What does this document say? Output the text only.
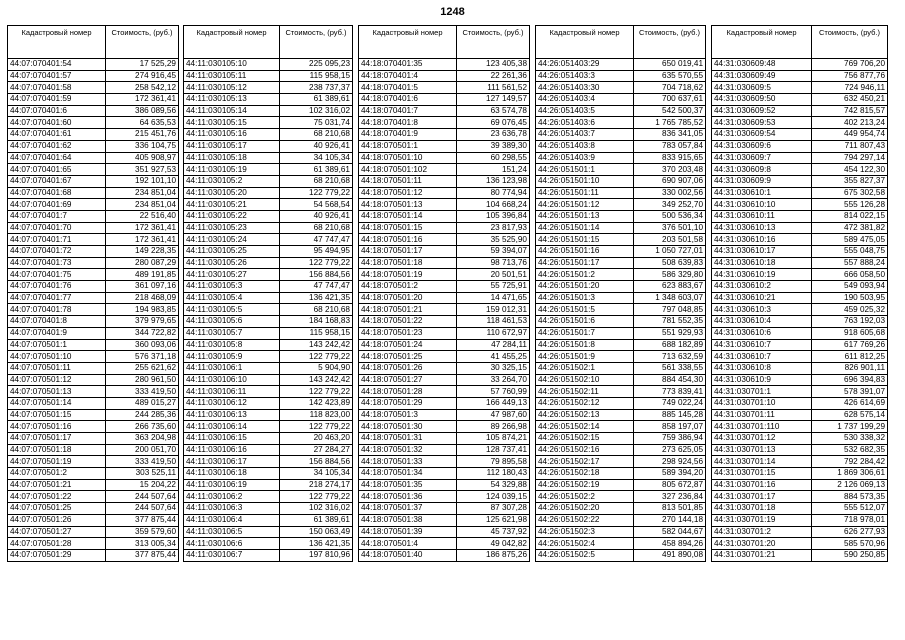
1248
Кадастровый номер	Стоимость, (руб.)
44:07:070401:54	17 525,29
44:07:070401:57	274 916,45
44:07:070401:58	258 542,12
44:07:070401:59	172 361,41
44:07:070401:6	386 089,56
44:07:070401:60	64 635,53
44:07:070401:61	215 451,76
44:07:070401:62	336 104,75
44:07:070401:64	405 908,97
44:07:070401:65	351 927,53
44:07:070401:67	192 101,10
44:07:070401:68	234 851,04
44:07:070401:69	234 851,04
44:07:070401:7	22 516,40
44:07:070401:70	172 361,41
44:07:070401:71	172 361,41
44:07:070401:72	149 228,35
44:07:070401:73	280 087,29
44:07:070401:75	489 191,85
44:07:070401:76	361 097,16
44:07:070401:77	218 468,09
44:07:070401:78	194 983,85
44:07:070401:8	379 979,65
44:07:070401:9	344 722,82
44:07:070501:1	360 093,06
44:07:070501:10	576 371,18
44:07:070501:11	255 621,62
44:07:070501:12	280 961,50
44:07:070501:13	333 419,50
44:07:070501:14	489 015,27
44:07:070501:15	244 285,36
44:07:070501:16	266 735,60
44:07:070501:17	363 204,98
44:07:070501:18	200 051,70
44:07:070501:19	333 419,50
44:07:070501:2	303 525,11
44:07:070501:21	15 204,22
44:07:070501:22	244 507,64
44:07:070501:25	244 507,64
44:07:070501:26	377 875,44
44:07:070501:27	359 579,60
44:07:070501:28	313 005,34
44:07:070501:29	377 875,44
Кадастровый номер	Стоимость, (руб.)
44:11:030105:10	225 095,23
44:11:030105:11	115 958,15
44:11:030105:12	238 737,37
44:11:030105:13	61 389,61
44:11:030105:14	102 316,02
44:11:030105:15	75 031,74
44:11:030105:16	68 210,68
44:11:030105:17	40 926,41
44:11:030105:18	34 105,34
44:11:030105:19	61 389,61
44:11:030105:2	68 210,68
44:11:030105:20	122 779,22
44:11:030105:21	54 568,54
44:11:030105:22	40 926,41
44:11:030105:23	68 210,68
44:11:030105:24	47 747,47
44:11:030105:25	95 494,95
44:11:030105:26	122 779,22
44:11:030105:27	156 884,56
44:11:030105:3	47 747,47
44:11:030105:4	136 421,35
44:11:030105:5	68 210,68
44:11:030105:6	184 168,83
44:11:030105:7	115 958,15
44:11:030105:8	143 242,42
44:11:030105:9	122 779,22
44:11:030106:1	5 904,90
44:11:030106:10	143 242,42
44:11:030106:11	122 779,22
44:11:030106:12	142 423,89
44:11:030106:13	118 823,00
44:11:030106:14	122 779,22
44:11:030106:15	20 463,20
44:11:030106:16	27 284,27
44:11:030106:17	156 884,56
44:11:030106:18	34 105,34
44:11:030106:19	218 274,17
44:11:030106:2	122 779,22
44:11:030106:3	102 316,02
44:11:030106:4	61 389,61
44:11:030106:5	150 063,49
44:11:030106:6	136 421,35
44:11:030106:7	197 810,96
Кадастровый номер	Стоимость, (руб.)
44:18:070401:35	123 405,38
44:18:070401:4	22 261,36
44:18:070401:5	111 561,52
44:18:070401:6	127 149,57
44:18:070401:7	63 574,78
44:18:070401:8	69 076,45
44:18:070401:9	23 636,78
44:18:070501:1	39 389,30
44:18:070501:10	60 298,55
44:18:070501:102	151,24
44:18:070501:11	136 123,98
44:18:070501:12	80 774,94
44:18:070501:13	104 668,24
44:18:070501:14	105 396,84
44:18:070501:15	23 817,93
44:18:070501:16	35 525,90
44:18:070501:17	59 394,07
44:18:070501:18	98 713,76
44:18:070501:19	20 501,51
44:18:070501:2	55 725,91
44:18:070501:20	14 471,65
44:18:070501:21	159 012,31
44:18:070501:22	118 461,53
44:18:070501:23	110 672,97
44:18:070501:24	47 284,11
44:18:070501:25	41 455,25
44:18:070501:26	30 325,15
44:18:070501:27	33 264,70
44:18:070501:28	57 760,99
44:18:070501:29	166 449,13
44:18:070501:3	47 987,60
44:18:070501:30	89 266,98
44:18:070501:31	105 874,21
44:18:070501:32	128 737,41
44:18:070501:33	79 895,58
44:18:070501:34	112 180,43
44:18:070501:35	54 329,88
44:18:070501:36	124 039,15
44:18:070501:37	87 307,28
44:18:070501:38	125 621,98
44:18:070501:39	45 737,92
44:18:070501:4	49 042,82
44:18:070501:40	186 875,26
Кадастровый номер	Стоимость, (руб.)
44:26:051403:29	650 019,41
44:26:051403:3	635 570,55
44:26:051403:30	704 718,62
44:26:051403:4	700 637,61
44:26:051403:5	542 500,37
44:26:051403:6	1 765 785,52
44:26:051403:7	836 341,05
44:26:051403:8	783 057,84
44:26:051403:9	833 915,65
44:26:051501:1	370 203,48
44:26:051501:10	690 907,06
44:26:051501:11	330 002,56
44:26:051501:12	349 252,70
44:26:051501:13	500 536,34
44:26:051501:14	376 501,10
44:26:051501:15	203 501,58
44:26:051501:16	1 050 727,01
44:26:051501:17	508 639,83
44:26:051501:2	586 329,80
44:26:051501:20	623 883,67
44:26:051501:3	1 348 603,07
44:26:051501:5	797 048,85
44:26:051501:6	781 552,35
44:26:051501:7	551 929,93
44:26:051501:8	688 182,89
44:26:051501:9	713 632,59
44:26:051502:1	561 338,55
44:26:051502:10	884 454,30
44:26:051502:11	773 839,41
44:26:051502:12	749 022,24
44:26:051502:13	885 145,28
44:26:051502:14	858 197,07
44:26:051502:15	759 386,94
44:26:051502:16	273 625,05
44:26:051502:17	298 924,56
44:26:051502:18	589 394,20
44:26:051502:19	805 672,87
44:26:051502:2	327 236,84
44:26:051502:20	813 501,85
44:26:051502:22	270 144,18
44:26:051502:3	582 044,67
44:26:051502:4	458 894,26
44:26:051502:5	491 890,08
Кадастровый номер	Стоимость, (руб.)
44:31:030609:48	769 706,20
44:31:030609:49	756 877,76
44:31:030609:5	724 946,11
44:31:030609:50	632 450,21
44:31:030609:52	742 815,57
44:31:030609:53	402 213,24
44:31:030609:54	449 954,74
44:31:030609:6	711 807,43
44:31:030609:7	794 297,14
44:31:030609:8	454 122,30
44:31:030609:9	355 827,37
44:31:030610:1	675 302,58
44:31:030610:10	555 126,28
44:31:030610:11	814 022,15
44:31:030610:13	472 381,82
44:31:030610:16	589 475,05
44:31:030610:17	555 048,75
44:31:030610:18	557 888,24
44:31:030610:19	666 058,50
44:31:030610:2	549 093,94
44:31:030610:21	190 503,95
44:31:030610:3	459 025,32
44:31:030610:4	763 192,03
44:31:030610:6	918 605,68
44:31:030610:7	617 769,26
44:31:030610:7	611 812,25
44:31:030610:8	826 901,11
44:31:030610:9	696 394,83
44:31:030701:1	578 391,07
44:31:030701:10	426 614,69
44:31:030701:11	628 575,14
44:31:030701:110	1 737 199,29
44:31:030701:12	530 338,32
44:31:030701:13	532 682,35
44:31:030701:14	792 284,42
44:31:030701:15	1 869 306,61
44:31:030701:16	2 126 069,13
44:31:030701:17	884 573,35
44:31:030701:18	555 512,07
44:31:030701:19	718 978,01
44:31:030701:2	626 277,93
44:31:030701:20	585 570,96
44:31:030701:21	590 250,85
